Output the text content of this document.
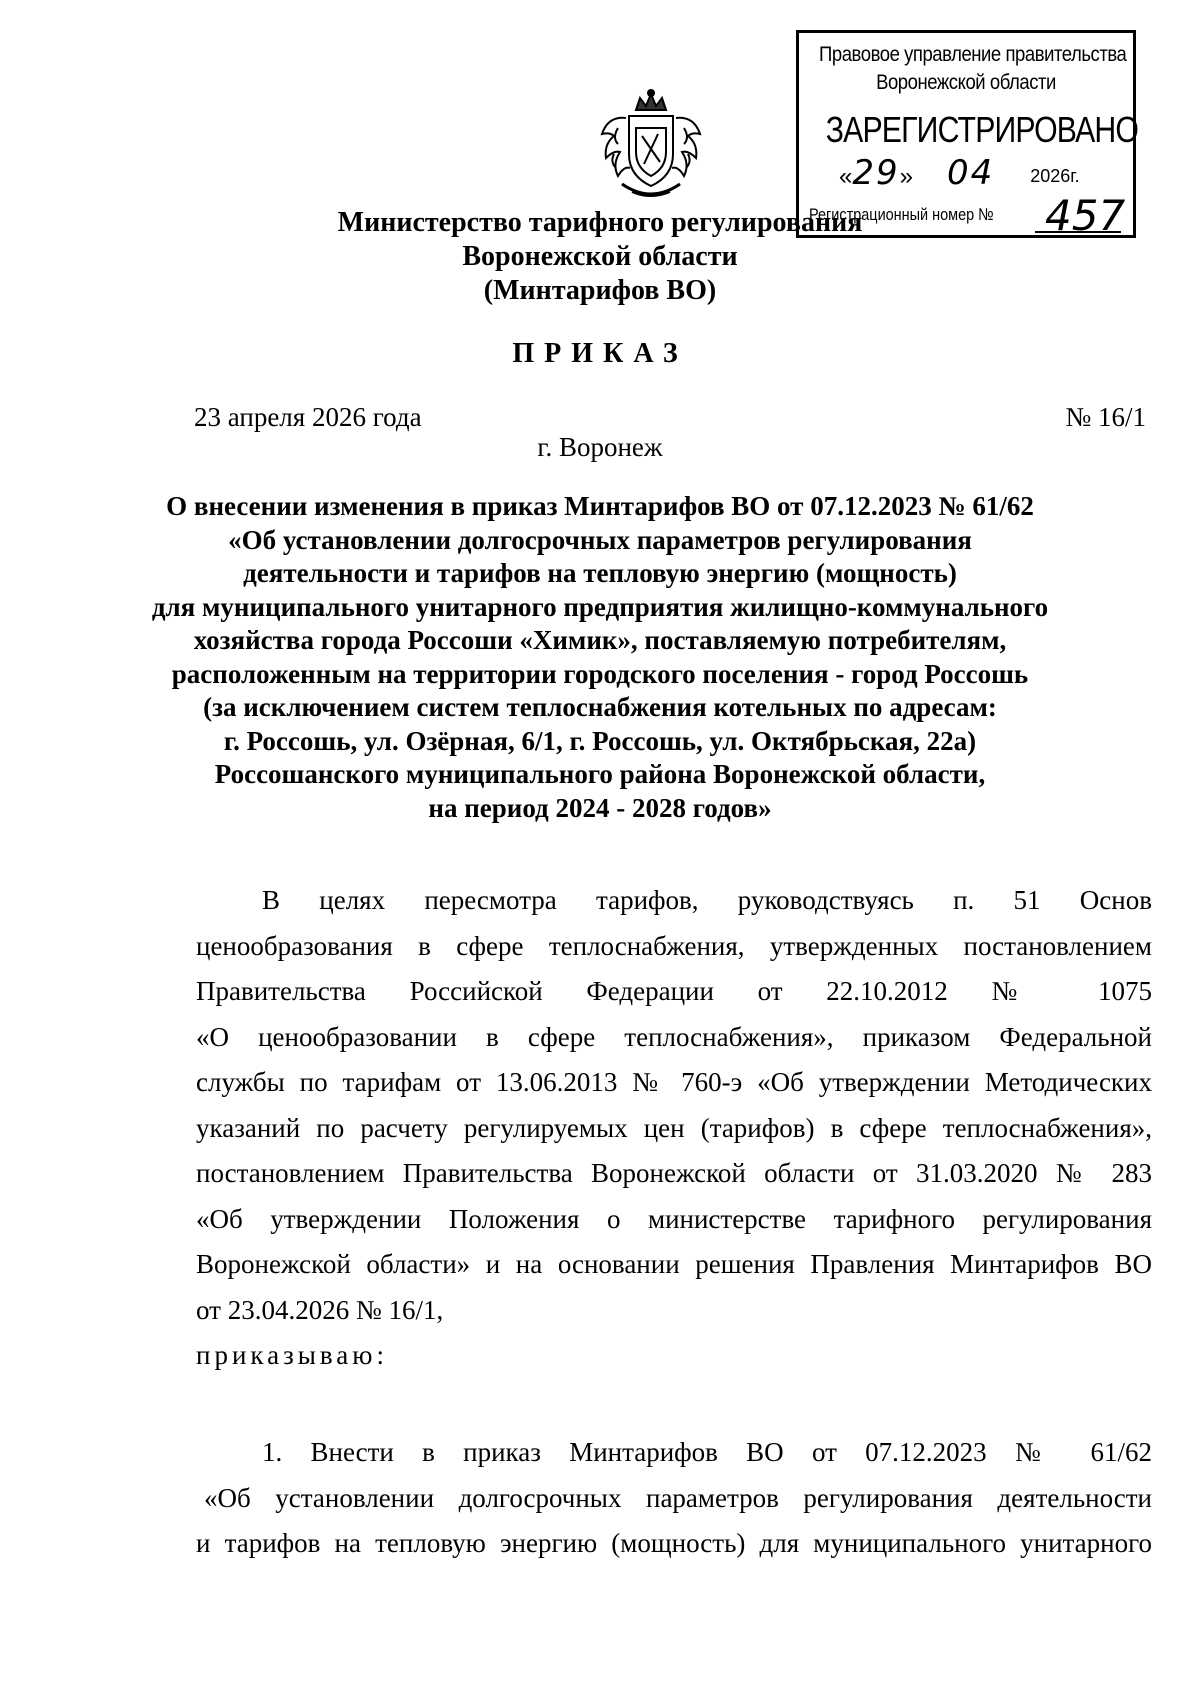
Правовое управление правительства
Воронежской области
ЗАРЕГИСТРИРОВАНО
«29» 04 2026г.
Регистрационный номер № 457
Министерство тарифного регулирования
Воронежской области
(Минтарифов ВО)
ПРИКАЗ
23 апреля 2026 года	№ 16/1
г. Воронеж
О внесении изменения в приказ Минтарифов ВО от 07.12.2023 № 61/62
«Об установлении долгосрочных параметров регулирования
деятельности и тарифов на тепловую энергию (мощность)
для муниципального унитарного предприятия жилищно-коммунального
хозяйства города Россоши «Химик», поставляемую потребителям,
расположенным на территории городского поселения - город Россошь
(за исключением систем теплоснабжения котельных по адресам:
г. Россошь, ул. Озёрная, 6/1, г. Россошь, ул. Октябрьская, 22а)
Россошанского муниципального района Воронежской области,
на период 2024 - 2028 годов»
В целях пересмотра тарифов, руководствуясь п. 51 Основ
ценообразования в сфере теплоснабжения, утвержденных постановлением
Правительства Российской Федерации от 22.10.2012 № 1075
«О ценообразовании в сфере теплоснабжения», приказом Федеральной
службы по тарифам от 13.06.2013 № 760-э «Об утверждении Методических
указаний по расчету регулируемых цен (тарифов) в сфере теплоснабжения»,
постановлением Правительства Воронежской области от 31.03.2020 № 283
«Об утверждении Положения о министерстве тарифного регулирования
Воронежской области» и на основании решения Правления Минтарифов ВО
от 23.04.2026 № 16/1,
приказываю:
1. Внести в приказ Минтарифов ВО от 07.12.2023 № 61/62
«Об установлении долгосрочных параметров регулирования деятельности
и тарифов на тепловую энергию (мощность) для муниципального унитарного
